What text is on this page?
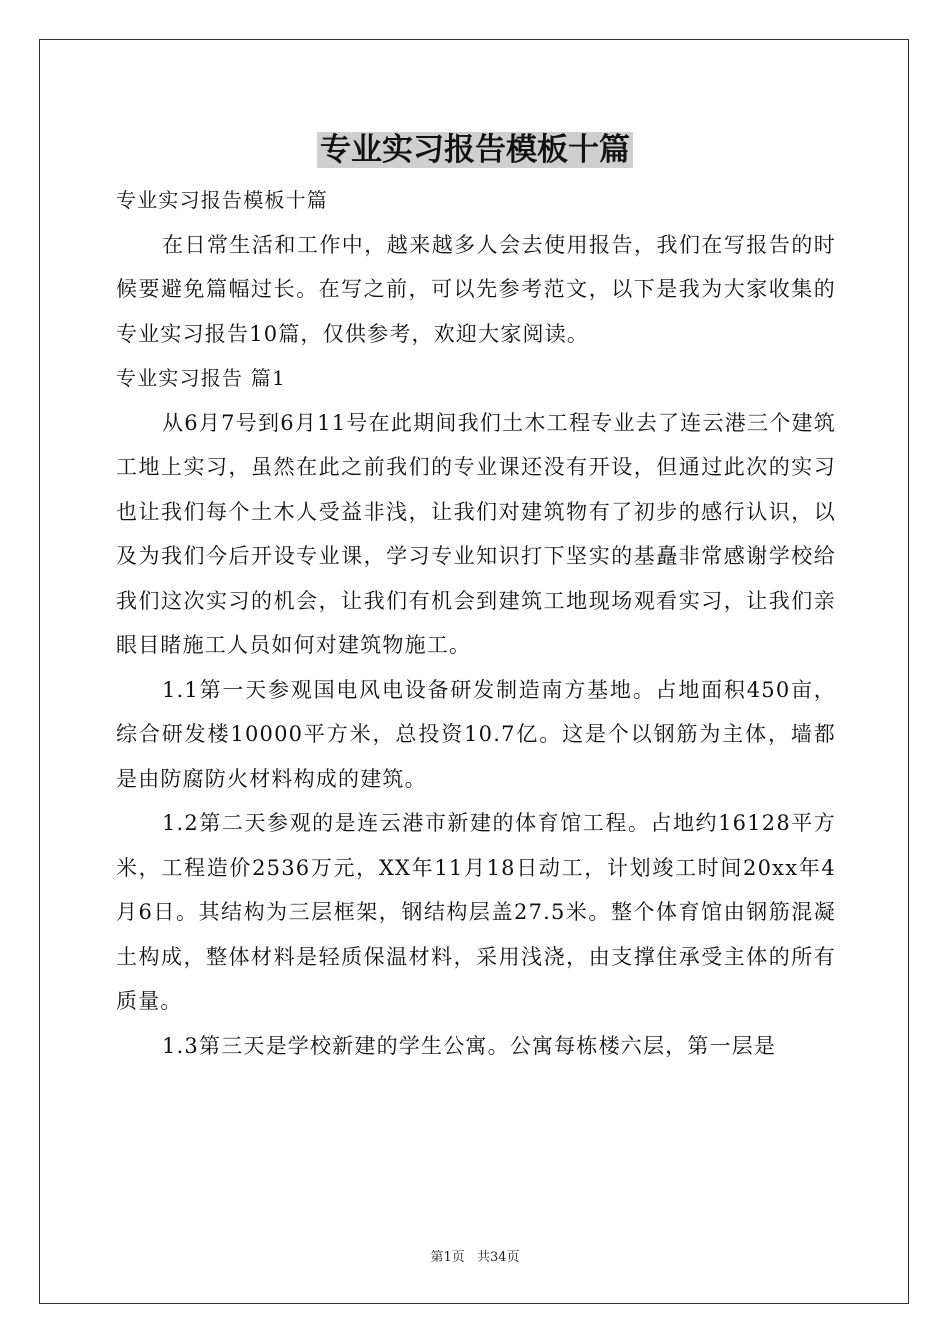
专业实习报告模板十篇

专业实习报告模板十篇

在日常生活和工作中，越来越多人会去使用报告，我们在写报告的时候要避免篇幅过长。在写之前，可以先参考范文，以下是我为大家收集的专业实习报告10篇，仅供参考，欢迎大家阅读。

专业实习报告 篇1

从6月7号到6月11号在此期间我们土木工程专业去了连云港三个建筑工地上实习，虽然在此之前我们的专业课还没有开设，但通过此次的实习也让我们每个土木人受益非浅，让我们对建筑物有了初步的感行认识，以及为我们今后开设专业课，学习专业知识打下坚实的基矗非常感谢学校给我们这次实习的机会，让我们有机会到建筑工地现场观看实习，让我们亲眼目睹施工人员如何对建筑物施工。

1.1第一天参观国电风电设备研发制造南方基地。占地面积450亩，综合研发楼10000平方米，总投资10.7亿。这是个以钢筋为主体，墙都是由防腐防火材料构成的建筑。

1.2第二天参观的是连云港市新建的体育馆工程。占地约16128平方米，工程造价2536万元，XX年11月18日动工，计划竣工时间20xx年4月6日。其结构为三层框架，钢结构层盖27.5米。整个体育馆由钢筋混凝土构成，整体材料是轻质保温材料，采用浅浇，由支撑住承受主体的所有质量。

1.3第三天是学校新建的学生公寓。公寓每栋楼六层，第一层是

第1页 共34页
